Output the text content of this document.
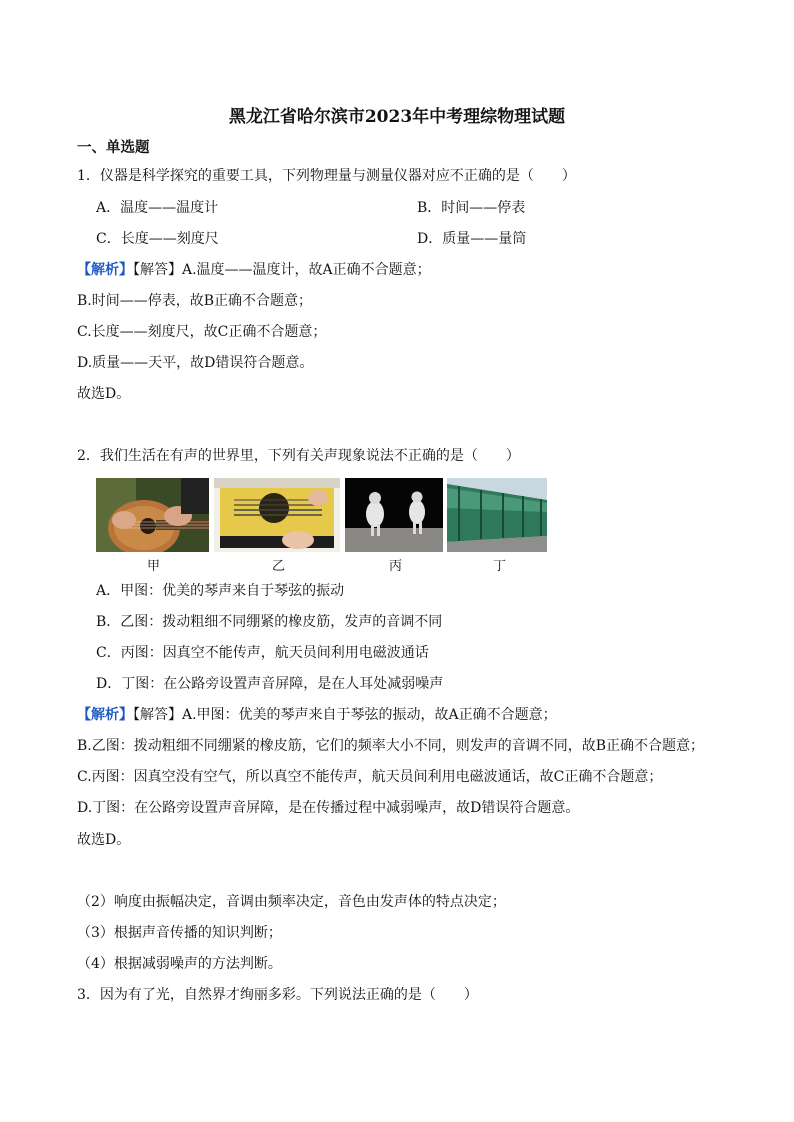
黑龙江省哈尔滨市2023年中考理综物理试题
一、单选题
1．仪器是科学探究的重要工具，下列物理量与测量仪器对应不正确的是（　　）
A．温度——温度计	B．时间——停表
C．长度——刻度尺	D．质量——量筒
【解析】【解答】A.温度——温度计，故A正确不合题意；
B.时间——停表，故B正确不合题意；
C.长度——刻度尺，故C正确不合题意；
D.质量——天平，故D错误符合题意。
故选D。
2．我们生活在有声的世界里，下列有关声现象说法不正确的是（　　）
甲	乙	丙	丁
A．甲图：优美的琴声来自于琴弦的振动
B．乙图：拨动粗细不同绷紧的橡皮筋，发声的音调不同
C．丙图：因真空不能传声，航天员间利用电磁波通话
D．丁图：在公路旁设置声音屏障，是在人耳处减弱噪声
【解析】【解答】A.甲图：优美的琴声来自于琴弦的振动，故A正确不合题意；
B.乙图：拨动粗细不同绷紧的橡皮筋，它们的频率大小不同，则发声的音调不同，故B正确不合题意；
C.丙图：因真空没有空气，所以真空不能传声，航天员间利用电磁波通话，故C正确不合题意；
D.丁图：在公路旁设置声音屏障，是在传播过程中减弱噪声，故D错误符合题意。
故选D。
（2）响度由振幅决定，音调由频率决定，音色由发声体的特点决定；
（3）根据声音传播的知识判断；
（4）根据减弱噪声的方法判断。
3．因为有了光，自然界才绚丽多彩。下列说法正确的是（　　）
